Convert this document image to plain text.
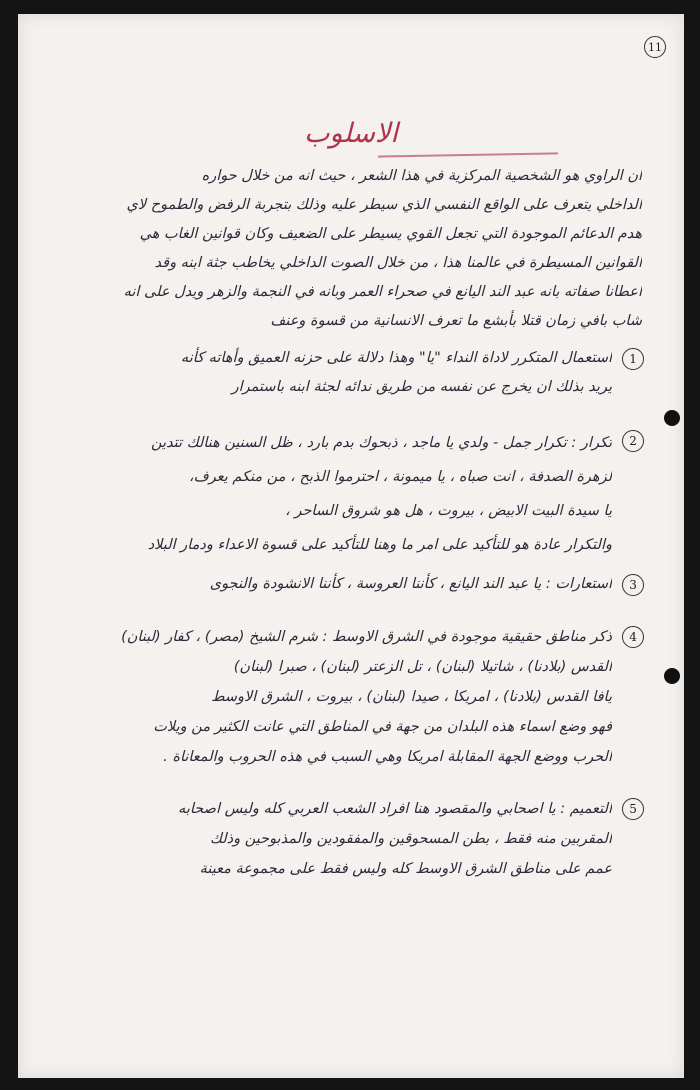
11
الاسلوب
ان الراوي هو الشخصية المركزية في هذا الشعر ، حيث انه من خلال حواره
الداخلي يتعرف على الواقع النفسي الذي سيطر عليه وذلك بتجربة الرفض والطموح لاي
هدم الدعائم الموجودة التي تجعل القوي يسيطر على الضعيف وكان قوانين الغاب هي
القوانين المسيطرة في عالمنا هذا ، من خلال الصوت الداخلي يخاطب جثة ابنه وقد
اعطانا صفاته بانه عبد الند اليانع في صحراء العمر وبانه في النجمة والزهر ويدل على انه
شاب بافي زمان قتلا بأبشع ما تعرف الانسانية من قسوة وعنف
1
استعمال المتكرر لاداة النداء "يا" وهذا دلالة على حزنه العميق وأهاته كأنه
يريد بذلك ان يخرج عن نفسه من طريق ندائه لجثة ابنه باستمرار
2
تكرار : تكرار جمل - ولدي يا ماجد ، ذبحوك بدم بارد ، ظل السنين هنالك تتدين
لزهرة الصدفة ، انت صباه ، يا ميمونة ، احترموا الذبح ، من منكم يعرف،
يا سيدة البيت الابيض ، بيروت ، هل هو شروق الساحر ،
والتكرار عادة هو للتأكيد على امر ما وهنا للتأكيد على قسوة الاعداء ودمار البلاد
3
استعارات : يا عبد الند اليانع ، كأننا العروسة ، كأننا الانشودة والنجوى
4
ذكر مناطق حقيقية موجودة في الشرق الاوسط : شرم الشيخ (مصر) ، كفار (لبنان)
القدس (بلادنا) ، شاتيلا (لبنان) ، تل الزعتر (لبنان) ، صبرا (لبنان)
يافا القدس (بلادنا) ، امريكا ، صيدا (لبنان) ، بيروت ، الشرق الاوسط
فهو وضع اسماء هذه البلدان من جهة في المناطق التي عانت الكثير من ويلات
الحرب ووضع الجهة المقابلة امريكا وهي السبب في هذه الحروب والمعاناة .
5
التعميم : يا اصحابي والمقصود هنا افراد الشعب العربي كله وليس اصحابه
المقربين منه فقط ، بطن المسحوقين والمفقودين والمذبوحين وذلك
عمم على مناطق الشرق الاوسط كله وليس فقط على مجموعة معينة
